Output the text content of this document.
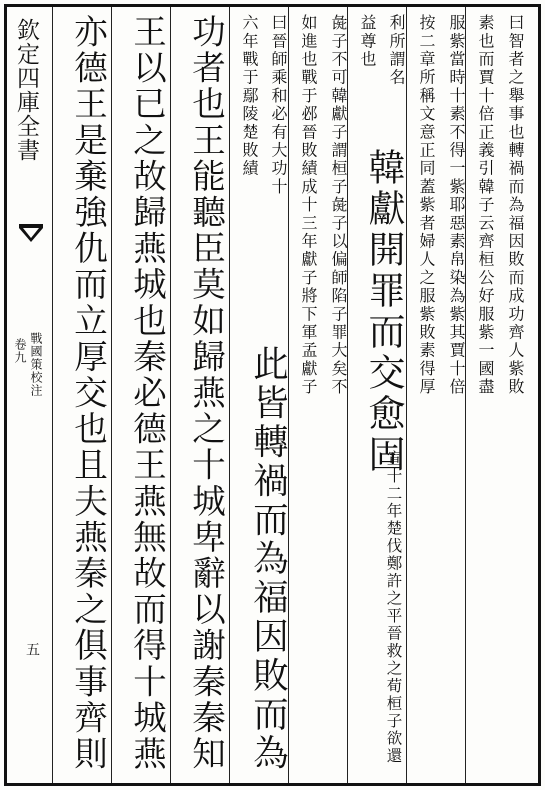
欽定四庫全書
卷九 戰國策校注
五
曰智者之舉事也轉禍而為福因敗而成功齊人紫敗
素也而賈十倍正義引韓子云齊桓公好服紫一國盡
服紫當時十素不得一紫耶惡素帛染為紫其賈十倍
按二章所稱文意正同蓋紫者婦人之服紫敗素得厚
利所謂名
益尊也
韓獻開罪而交愈固
宣十二年楚伐鄭許之平晉救之荀桓子欲還
彘子不可韓獻子謂桓子彘子以偏師陷子罪大矣不
如進也戰于邲晉敗績成十三年獻子將下軍孟獻子
曰晉師乘和必有大功十
六年戰于鄢陵楚敗績
此皆轉禍而為福因敗而為
功者也王能聽臣莫如歸燕之十城卑辭以謝秦秦知
王以已之故歸燕城也秦必德王燕無故而得十城燕
亦德王是棄強仇而立厚交也且夫燕秦之俱事齊則
